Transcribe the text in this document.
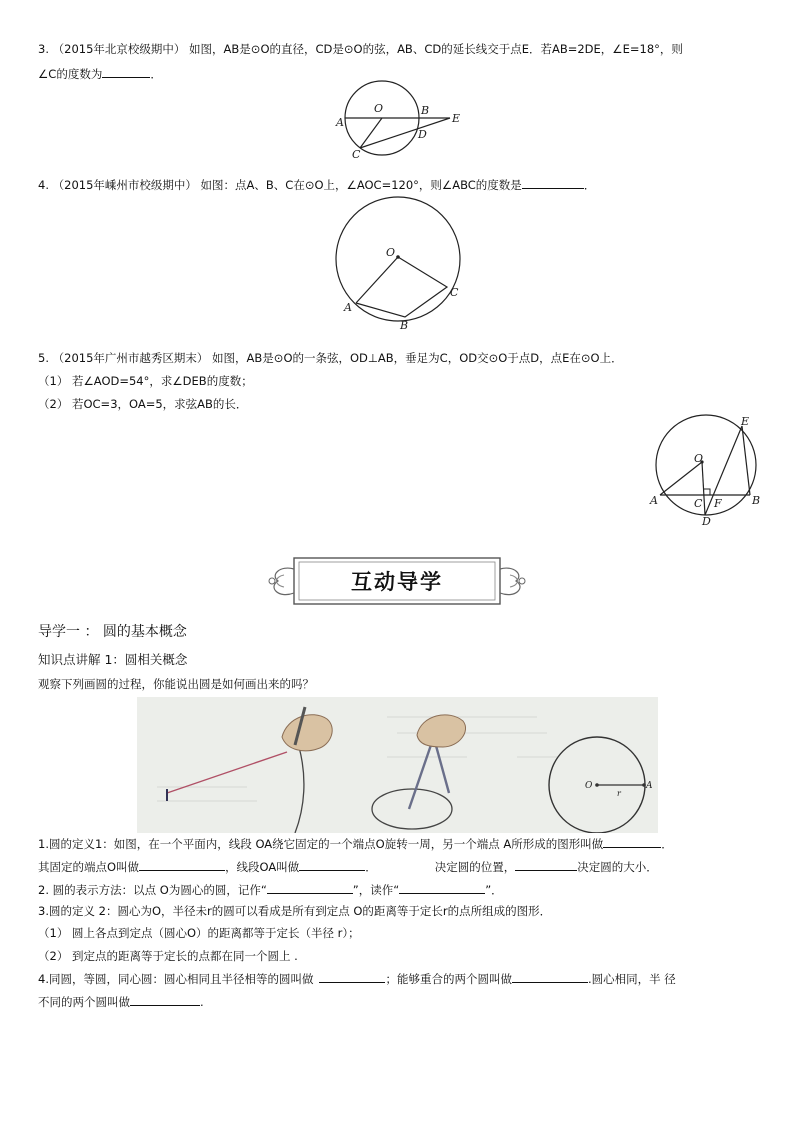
3. （2015年北京校级期中） 如图，AB是⊙O的直径，CD是⊙O的弦，AB、CD的延长线交于点E．若AB=2DE，∠E=18°，则
∠C的度数为	．
O
A
B
C
D
E
4. （2015年嵊州市校级期中） 如图：点A、B、C在⊙O上，∠AOC=120°，则∠ABC的度数是	．
O
A
B
C
5. （2015年广州市越秀区期末） 如图，AB是⊙O的一条弦，OD⊥AB，垂足为C，OD交⊙O于点D，点E在⊙O上．
（1） 若∠AOD=54°，求∠DEB的度数；
（2） 若OC=3，OA=5，求弦AB的长．
O
A	B
C
D
E
F
互动导学
导学一 ： 圆的基本概念
知识点讲解 1：圆相关概念
观察下列画圆的过程，你能说出圆是如何画出来的吗？
O	A
r
1.圆的定义1：如图，在一个平面内，线段 OA绕它固定的一个端点O旋转一周，另一个端点 A所形成的图形叫做	．
其固定的端点O叫做	，线段OA叫做	．	决定圆的位置，	决定圆的大小．
2. 圆的表示方法：以点 O为圆心的圆，记作“	”，读作“	”．
3.圆的定义 2：圆心为O，半径未r的圆可以看成是所有到定点 O的距离等于定长r的点所组成的图形．
（1） 圆上各点到定点（圆心O）的距离都等于定长（半径 r）；
（2） 到定点的距离等于定长的点都在同一个圆上 .
4.同圆，等圆，同心圆：圆心相同且半径相等的圆叫做	；能够重合的两个圆叫做	.圆心相同，半 径
不同的两个圆叫做	.
